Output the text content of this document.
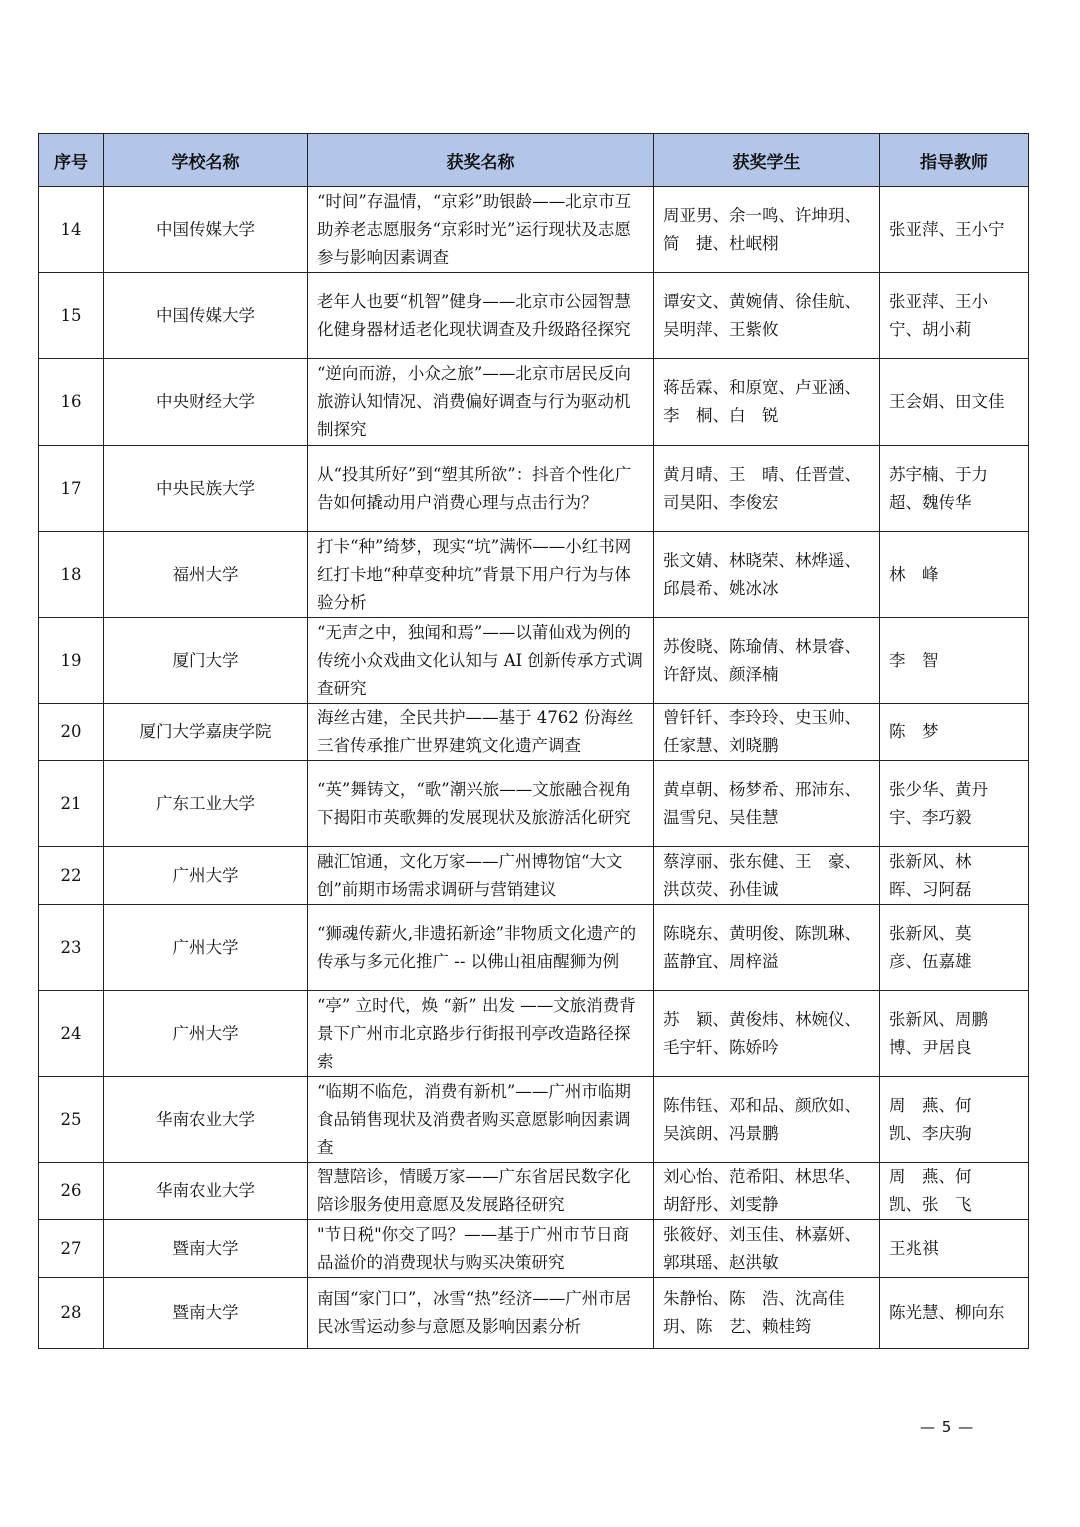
序号	学校名称	获奖名称	获奖学生	指导教师
14	中国传媒大学	“时间”存温情，“京彩”助银龄——北京市互助养老志愿服务“京彩时光”运行现状及志愿参与影响因素调查	周亚男、余一鸣、许坤玥、简　捷、杜岷栩	张亚萍、王小宁
15	中国传媒大学	老年人也要“机智”健身——北京市公园智慧化健身器材适老化现状调查及升级路径探究	谭安文、黄婉倩、徐佳航、吴明萍、王紫攸	张亚萍、王小宁、胡小莉
16	中央财经大学	“逆向而游，小众之旅”——北京市居民反向旅游认知情况、消费偏好调查与行为驱动机制探究	蒋岳霖、和原宽、卢亚涵、李　桐、白　锐	王会娟、田文佳
17	中央民族大学	从“投其所好”到“塑其所欲”：抖音个性化广告如何撬动用户消费心理与点击行为？	黄月晴、王　晴、任晋萱、司昊阳、李俊宏	苏宇楠、于力超、魏传华
18	福州大学	打卡“种”绮梦，现实“坑”满怀——小红书网红打卡地“种草变种坑”背景下用户行为与体验分析	张文婧、林晓荣、林烨遥、邱晨希、姚冰冰	林　峰
19	厦门大学	“无声之中，独闻和焉”——以莆仙戏为例的传统小众戏曲文化认知与 AI 创新传承方式调查研究	苏俊晓、陈瑜倩、林景睿、许舒岚、颜泽楠	李　智
20	厦门大学嘉庚学院	海丝古建，全民共护——基于 4762 份海丝三省传承推广世界建筑文化遗产调查	曾钎钎、李玲玲、史玉帅、任家慧、刘晓鹏	陈　梦
21	广东工业大学	“英”舞铸文，“歌”潮兴旅——文旅融合视角下揭阳市英歌舞的发展现状及旅游活化研究	黄卓朝、杨梦希、邢沛东、温雪兒、吴佳慧	张少华、黄丹宇、李巧毅
22	广州大学	融汇馆通，文化万家——广州博物馆“大文创”前期市场需求调研与营销建议	蔡淳丽、张东健、王　豪、洪苡荧、孙佳诚	张新风、林　晖、习阿磊
23	广州大学	“狮魂传薪火,非遗拓新途”非物质文化遗产的传承与多元化推广 -- 以佛山祖庙醒狮为例	陈晓东、黄明俊、陈凯琳、蓝静宜、周梓溢	张新风、莫　彦、伍嘉雄
24	广州大学	“亭” 立时代，焕 “新” 出发 ——文旅消费背景下广州市北京路步行街报刊亭改造路径探索	苏　颖、黄俊炜、林婉仪、毛宇轩、陈娇吟	张新风、周鹏博、尹居良
25	华南农业大学	“临期不临危，消费有新机”——广州市临期食品销售现状及消费者购买意愿影响因素调查	陈伟钰、邓和品、颜欣如、吴滨朗、冯景鹏	周　燕、何　凯、李庆驹
26	华南农业大学	智慧陪诊，情暖万家——广东省居民数字化陪诊服务使用意愿及发展路径研究	刘心怡、范希阳、林思华、胡舒彤、刘雯静	周　燕、何　凯、张　飞
27	暨南大学	"节日税"你交了吗？——基于广州市节日商品溢价的消费现状与购买决策研究	张筱妤、刘玉佳、林嘉妍、郭琪瑶、赵洪敏	王兆祺
28	暨南大学	南国“家门口”，冰雪“热”经济——广州市居民冰雪运动参与意愿及影响因素分析	朱静怡、陈　浩、沈高佳玥、陈　艺、赖桂筠	陈光慧、柳向东
— 5 —
